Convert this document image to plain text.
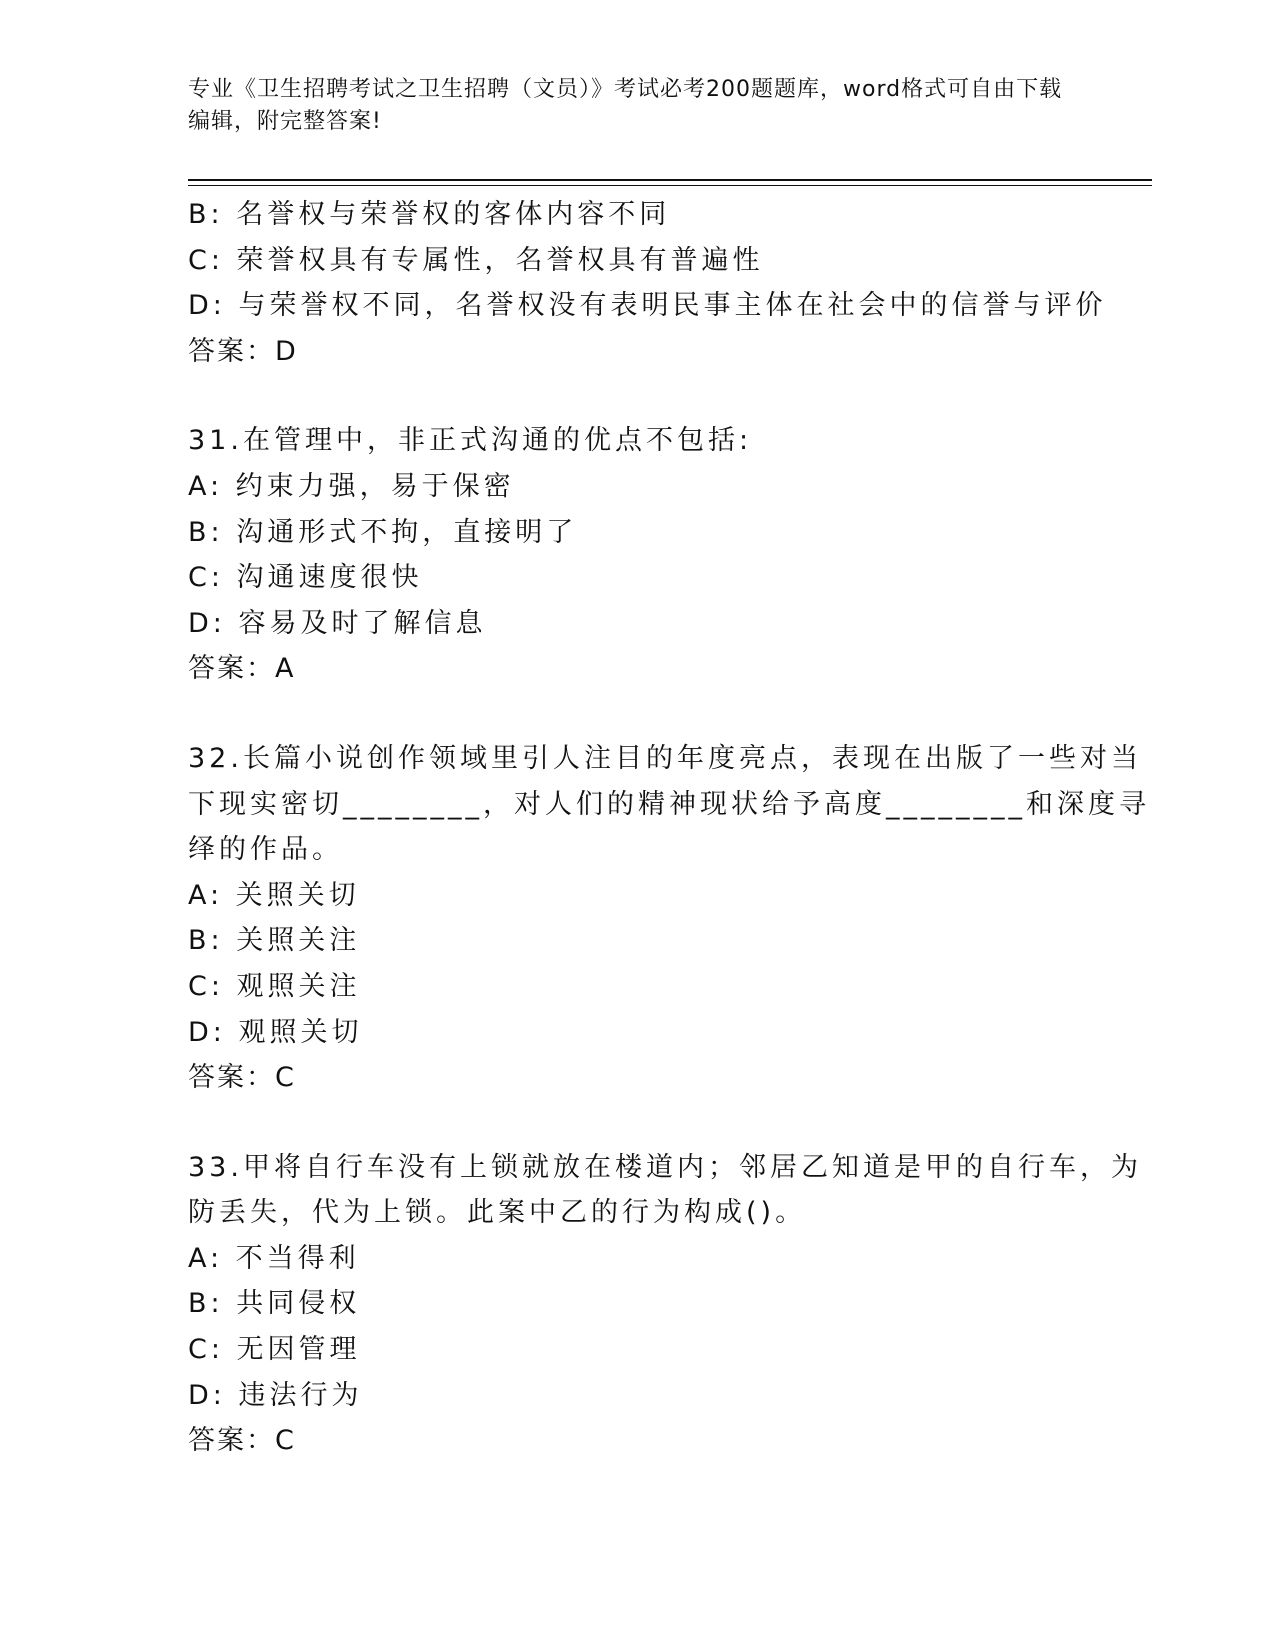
专业《卫生招聘考试之卫生招聘（文员）》考试必考200题题库，word格式可自由下载编辑，附完整答案!

B: 名誉权与荣誉权的客体内容不同

C: 荣誉权具有专属性，名誉权具有普遍性

D: 与荣誉权不同，名誉权没有表明民事主体在社会中的信誉与评价

答案：D

31.在管理中，非正式沟通的优点不包括:

A: 约束力强，易于保密

B: 沟通形式不拘，直接明了

C: 沟通速度很快

D: 容易及时了解信息

答案：A

32.长篇小说创作领域里引人注目的年度亮点，表现在出版了一些对当

下现实密切________，对人们的精神现状给予高度________和深度寻

绎的作品。

A: 关照关切

B: 关照关注

C: 观照关注

D: 观照关切

答案：C

33.甲将自行车没有上锁就放在楼道内；邻居乙知道是甲的自行车，为

防丢失，代为上锁。此案中乙的行为构成()。

A: 不当得利

B: 共同侵权

C: 无因管理

D: 违法行为

答案：C
